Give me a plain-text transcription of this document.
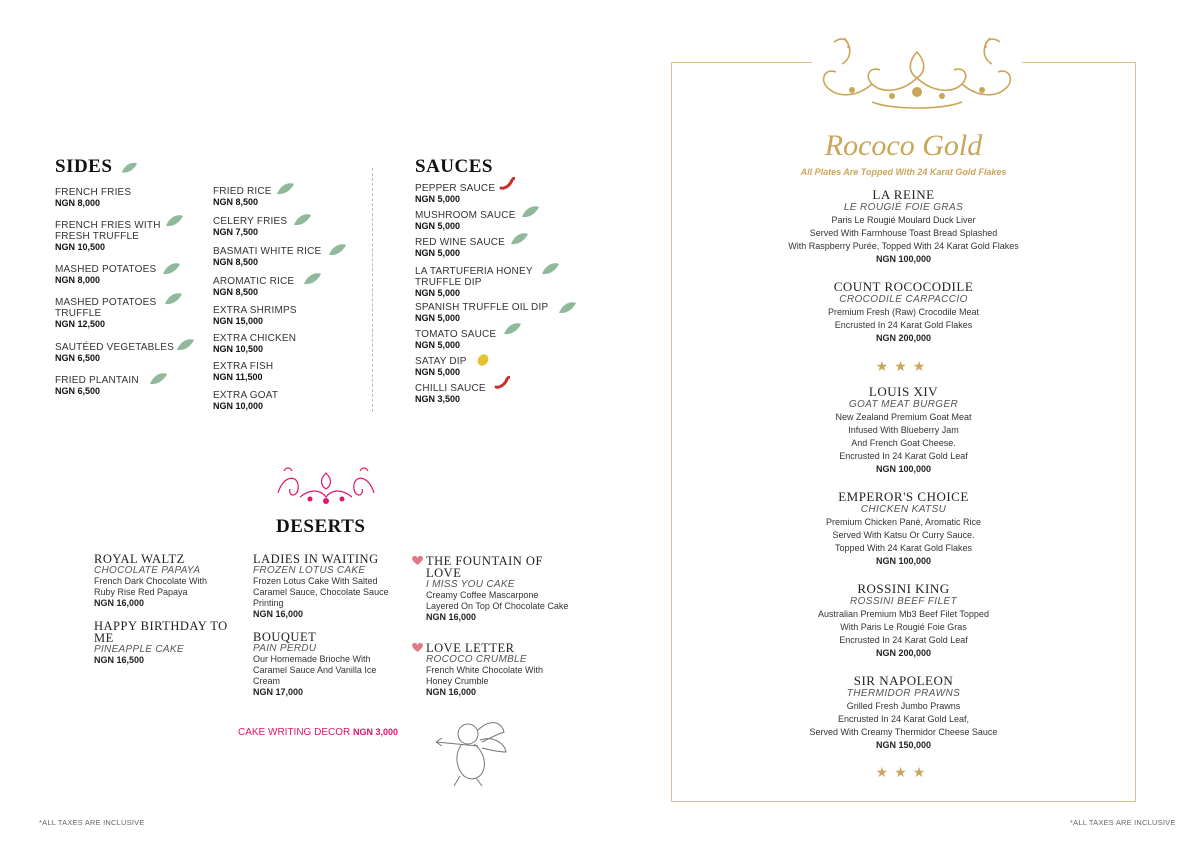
SIDES
FRENCH FRIES
NGN 8,000
FRENCH FRIES WITH FRESH TRUFFLE
NGN 10,500
MASHED POTATOES
NGN 8,000
MASHED POTATOES TRUFFLE
NGN 12,500
SAUTÉED VEGETABLES
NGN 6,500
FRIED PLANTAIN
NGN 6,500
FRIED RICE
NGN 8,500
CELERY FRIES
NGN 7,500
BASMATI WHITE RICE
NGN 8,500
AROMATIC RICE
NGN 8,500
EXTRA SHRIMPS
NGN 15,000
EXTRA CHICKEN
NGN 10,500
EXTRA FISH
NGN 11,500
EXTRA GOAT
NGN 10,000
SAUCES
PEPPER SAUCE
NGN 5,000
MUSHROOM SAUCE
NGN 5,000
RED WINE SAUCE
NGN 5,000
LA TARTUFERIA HONEY TRUFFLE DIP
NGN 5,000
SPANISH TRUFFLE OIL DIP
NGN 5,000
TOMATO SAUCE
NGN 5,000
SATAY DIP
NGN 5,000
CHILLI SAUCE
NGN 3,500
DESERTS
ROYAL WALTZ
CHOCOLATE PAPAYA
French Dark Chocolate With Ruby Rise Red Papaya
NGN 16,000
HAPPY BIRTHDAY TO ME
PINEAPPLE CAKE
NGN 16,500
LADIES IN WAITING
FROZEN LOTUS CAKE
Frozen Lotus Cake With Salted Caramel Sauce, Chocolate Sauce Printing
NGN 16,000
BOUQUET
PAIN PERDU
Our Homemade Brioche With Caramel Sauce And Vanilla Ice Cream
NGN 17,000
THE FOUNTAIN OF LOVE
I MISS YOU CAKE
Creamy Coffee Mascarpone Layered On Top Of Chocolate Cake
NGN 16,000
LOVE LETTER
ROCOCO CRUMBLE
French White Chocolate With Honey Crumble
NGN 16,000
CAKE WRITING DECOR NGN 3,000
Rococo Gold
All Plates Are Topped With 24 Karat Gold Flakes
LA REINE
LE ROUGIÉ FOIE GRAS
Paris Le Rougié Moulard Duck Liver
Served With Farmhouse Toast Bread Splashed
With Raspberry Purée, Topped With 24 Karat Gold Flakes
NGN 100,000
COUNT ROCOCODILE
CROCODILE CARPACCIO
Premium Fresh (Raw) Crocodile Meat
Encrusted In 24 Karat Gold Flakes
NGN 200,000
★★★
LOUIS XIV
GOAT MEAT BURGER
New Zealand Premium Goat Meat
Infused With Blueberry Jam
And French Goat Cheese.
Encrusted In 24 Karat Gold Leaf
NGN 100,000
EMPEROR'S CHOICE
CHICKEN KATSU
Premium Chicken Pané, Aromatic Rice
Served With Katsu Or Curry Sauce.
Topped With 24 Karat Gold Flakes
NGN 100,000
ROSSINI KING
ROSSINI BEEF FILET
Australian Premium Mb3 Beef Filet Topped
With Paris Le Rougié Foie Gras
Encrusted In 24 Karat Gold Leaf
NGN 200,000
SIR NAPOLEON
THERMIDOR PRAWNS
Grilled Fresh Jumbo Prawns
Encrusted In 24 Karat Gold Leaf,
Served With Creamy Thermidor Cheese Sauce
NGN 150,000
★★★
*ALL TAXES ARE INCLUSIVE	*ALL TAXES ARE INCLUSIVE
